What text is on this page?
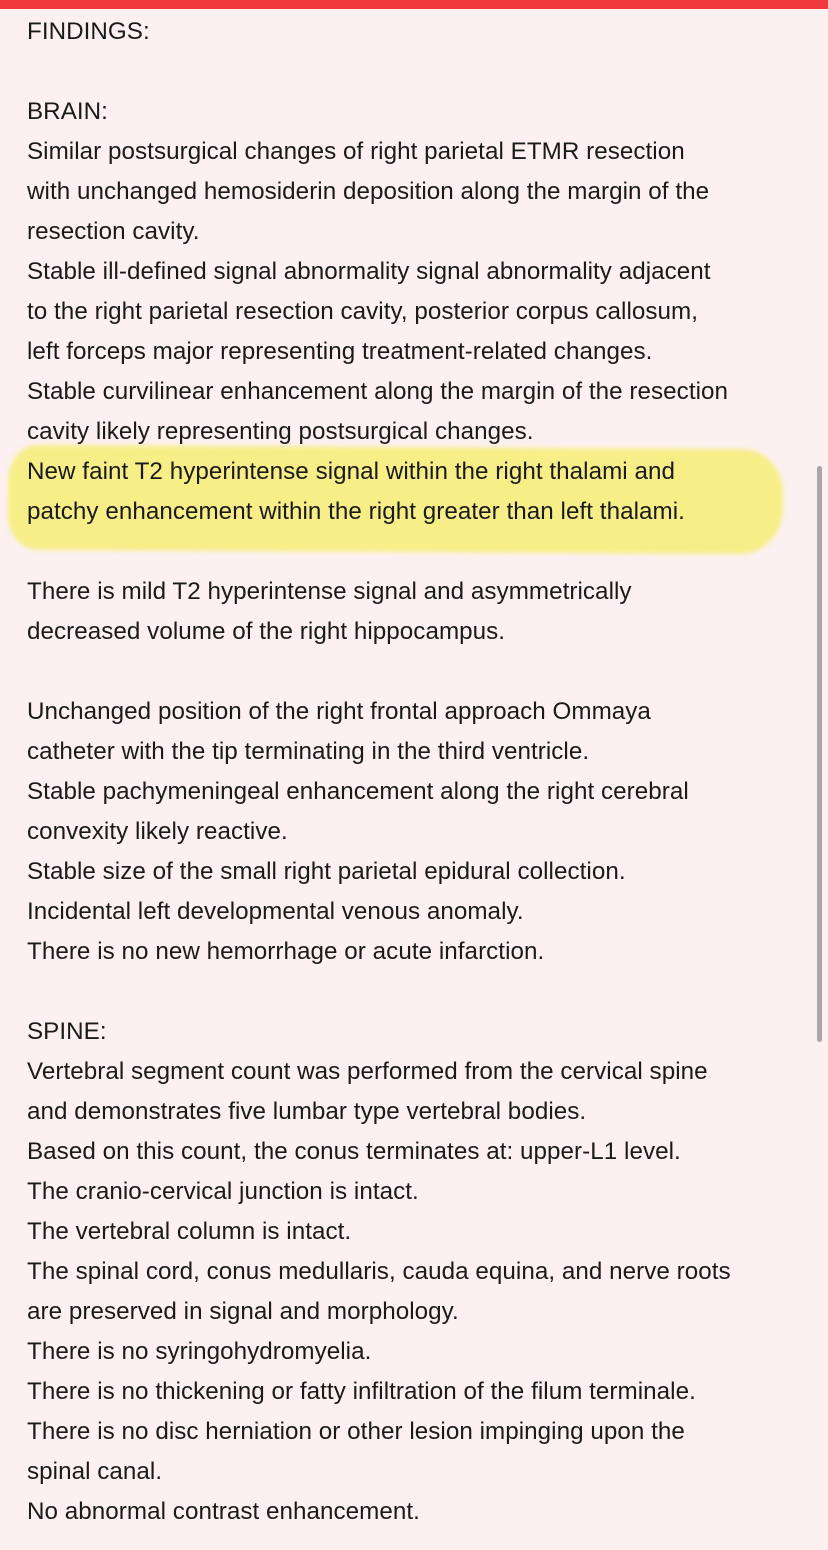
FINDINGS:
BRAIN:
Similar postsurgical changes of right parietal ETMR resection
with unchanged hemosiderin deposition along the margin of the
resection cavity.
Stable ill-defined signal abnormality signal abnormality adjacent
to the right parietal resection cavity, posterior corpus callosum,
left forceps major representing treatment-related changes.
Stable curvilinear enhancement along the margin of the resection
cavity likely representing postsurgical changes.
New faint T2 hyperintense signal within the right thalami and
patchy enhancement within the right greater than left thalami.
There is mild T2 hyperintense signal and asymmetrically
decreased volume of the right hippocampus.
Unchanged position of the right frontal approach Ommaya
catheter with the tip terminating in the third ventricle.
Stable pachymeningeal enhancement along the right cerebral
convexity likely reactive.
Stable size of the small right parietal epidural collection.
Incidental left developmental venous anomaly.
There is no new hemorrhage or acute infarction.
SPINE:
Vertebral segment count was performed from the cervical spine
and demonstrates five lumbar type vertebral bodies.
Based on this count, the conus terminates at: upper-L1 level.
The cranio-cervical junction is intact.
The vertebral column is intact.
The spinal cord, conus medullaris, cauda equina, and nerve roots
are preserved in signal and morphology.
There is no syringohydromyelia.
There is no thickening or fatty infiltration of the filum terminale.
There is no disc herniation or other lesion impinging upon the
spinal canal.
No abnormal contrast enhancement.
